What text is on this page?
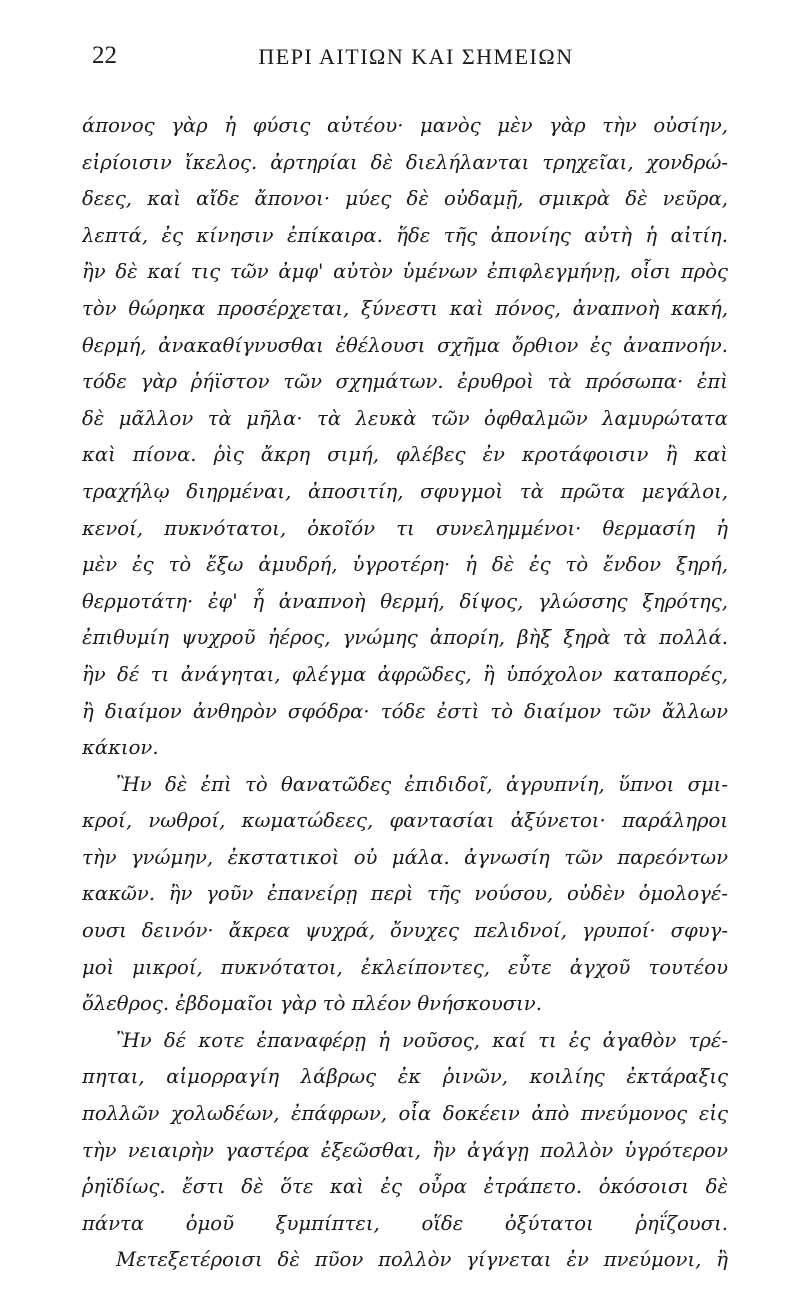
22	ΠΕΡΙ ΑΙΤΙΩΝ ΚΑΙ ΣΗΜΕΙΩΝ
άπονος γὰρ ἡ φύσις αὐτέου· μανὸς μὲν γὰρ τὴν οὐσίην,
εἰρίοισιν ἴκελος. ἀρτηρίαι δὲ διελήλανται τρηχεῖαι, χονδρώ-
δεες, καὶ αἴδε ἄπονοι· μύες δὲ οὐδαμῇ, σμικρὰ δὲ νεῦρα,
λεπτά, ἐς κίνησιν ἐπίκαιρα. ἥδε τῆς ἀπονίης αὐτὴ ἡ αἰτίη.
ἢν δὲ καί τις τῶν ἀμφ' αὐτὸν ὑμένων ἐπιφλεγμήνῃ, οἷσι πρὸς
τὸν θώρηκα προσέρχεται, ξύνεστι καὶ πόνος, ἀναπνοὴ κακή,
θερμή, ἀνακαθίγνυσθαι ἐθέλουσι σχῆμα ὄρθιον ἐς ἀναπνοήν.
τόδε γὰρ ῥήϊστον τῶν σχημάτων. ἐρυθροὶ τὰ πρόσωπα· ἐπὶ
δὲ μᾶλλον τὰ μῆλα· τὰ λευκὰ τῶν ὀφθαλμῶν λαμυρώτατα
καὶ πίονα. ῥὶς ἄκρη σιμή, φλέβες ἐν κροτάφοισιν ἢ καὶ
τραχήλῳ διηρμέναι, ἀποσιτίη, σφυγμοὶ τὰ πρῶτα μεγάλοι,
κενοί, πυκνότατοι, ὁκοῖόν τι συνελημμένοι· θερμασίη ἡ
μὲν ἐς τὸ ἔξω ἀμυδρή, ὑγροτέρη· ἡ δὲ ἐς τὸ ἔνδον ξηρή,
θερμοτάτη· ἐφ' ἧ ἀναπνοὴ θερμή, δίψος, γλώσσης ξηρότης,
ἐπιθυμίη ψυχροῦ ἠέρος, γνώμης ἀπορίη, βὴξ ξηρὰ τὰ πολλά.
ἢν δέ τι ἀνάγηται, φλέγμα ἀφρῶδες, ἢ ὑπόχολον καταπορές,
ἢ διαίμον ἀνθηρὸν σφόδρα· τόδε ἐστὶ τὸ διαίμον τῶν ἄλλων
κάκιον.
Ἢν δὲ ἐπὶ τὸ θανατῶδες ἐπιδιδοῖ, ἀγρυπνίη, ὕπνοι σμι-
κροί, νωθροί, κωματώδεες, φαντασίαι ἀξύνετοι· παράληροι
τὴν γνώμην, ἐκστατικοὶ οὐ μάλα. ἀγνωσίη τῶν παρεόντων
κακῶν. ἢν γοῦν ἐπανείρῃ περὶ τῆς νούσου, οὐδὲν ὁμολογέ-
ουσι δεινόν· ἄκρεα ψυχρά, ὄνυχες πελιδνοί, γρυποί· σφυγ-
μοὶ μικροί, πυκνότατοι, ἐκλείποντες, εὖτε ἀγχοῦ τουτέου
ὄλεθρος. ἐβδομαῖοι γὰρ τὸ πλέον θνήσκουσιν.
Ἢν δέ κοτε ἐπαναφέρῃ ἡ νοῦσος, καί τι ἐς ἀγαθὸν τρέ-
πηται, αἱμορραγίη λάβρως ἐκ ῥινῶν, κοιλίης ἐκτάραξις
πολλῶν χολωδέων, ἐπάφρων, οἷα δοκέειν ἀπὸ πνεύμονος εἰς
τὴν νειαιρὴν γαστέρα ἐξεῶσθαι, ἢν ἀγάγῃ πολλὸν ὑγρότερον
ῥηϊδίως. ἔστι δὲ ὅτε καὶ ἐς οὖρα ἐτράπετο. ὁκόσοισι δὲ
πάντα ὁμοῦ ξυμπίπτει, οἵδε ὀξύτατοι ῥηΐζουσι.
Μετεξετέροισι δὲ πῦον πολλὸν γίγνεται ἐν πνεύμονι, ἢ
